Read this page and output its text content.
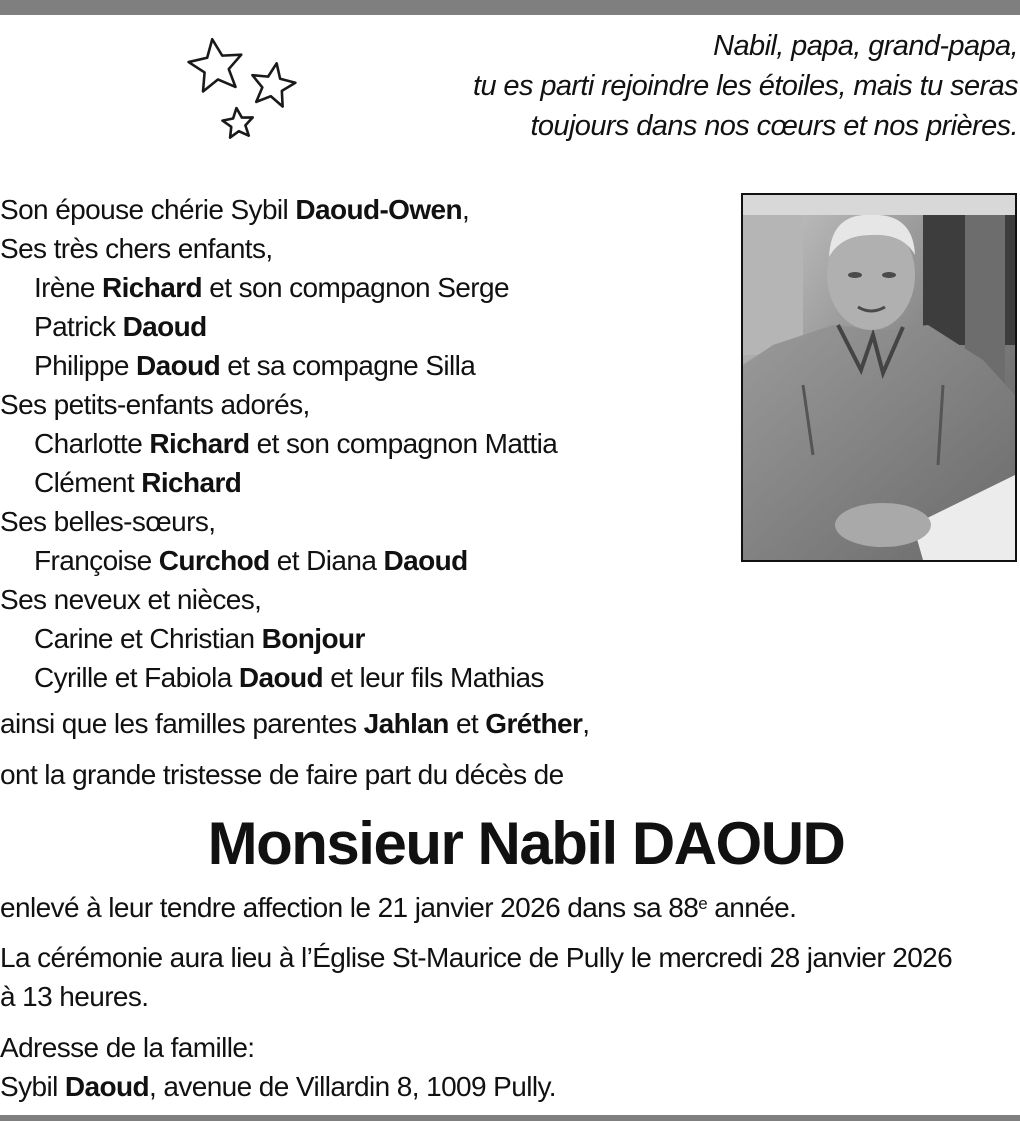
Nabil, papa, grand-papa,
tu es parti rejoindre les étoiles, mais tu seras
toujours dans nos cœurs et nos prières.
Son épouse chérie Sybil Daoud-Owen,
Ses très chers enfants,
Irène Richard et son compagnon Serge
Patrick Daoud
Philippe Daoud et sa compagne Silla
Ses petits-enfants adorés,
Charlotte Richard et son compagnon Mattia
Clément Richard
Ses belles-sœurs,
Françoise Curchod et Diana Daoud
Ses neveux et nièces,
Carine et Christian Bonjour
Cyrille et Fabiola Daoud et leur fils Mathias
ainsi que les familles parentes Jahlan et Gréther,
ont la grande tristesse de faire part du décès de
Monsieur Nabil DAOUD
enlevé à leur tendre affection le 21 janvier 2026 dans sa 88e année.
La cérémonie aura lieu à l’Église St-Maurice de Pully le mercredi 28 janvier 2026
à 13 heures.
Adresse de la famille:
Sybil Daoud, avenue de Villardin 8, 1009 Pully.
